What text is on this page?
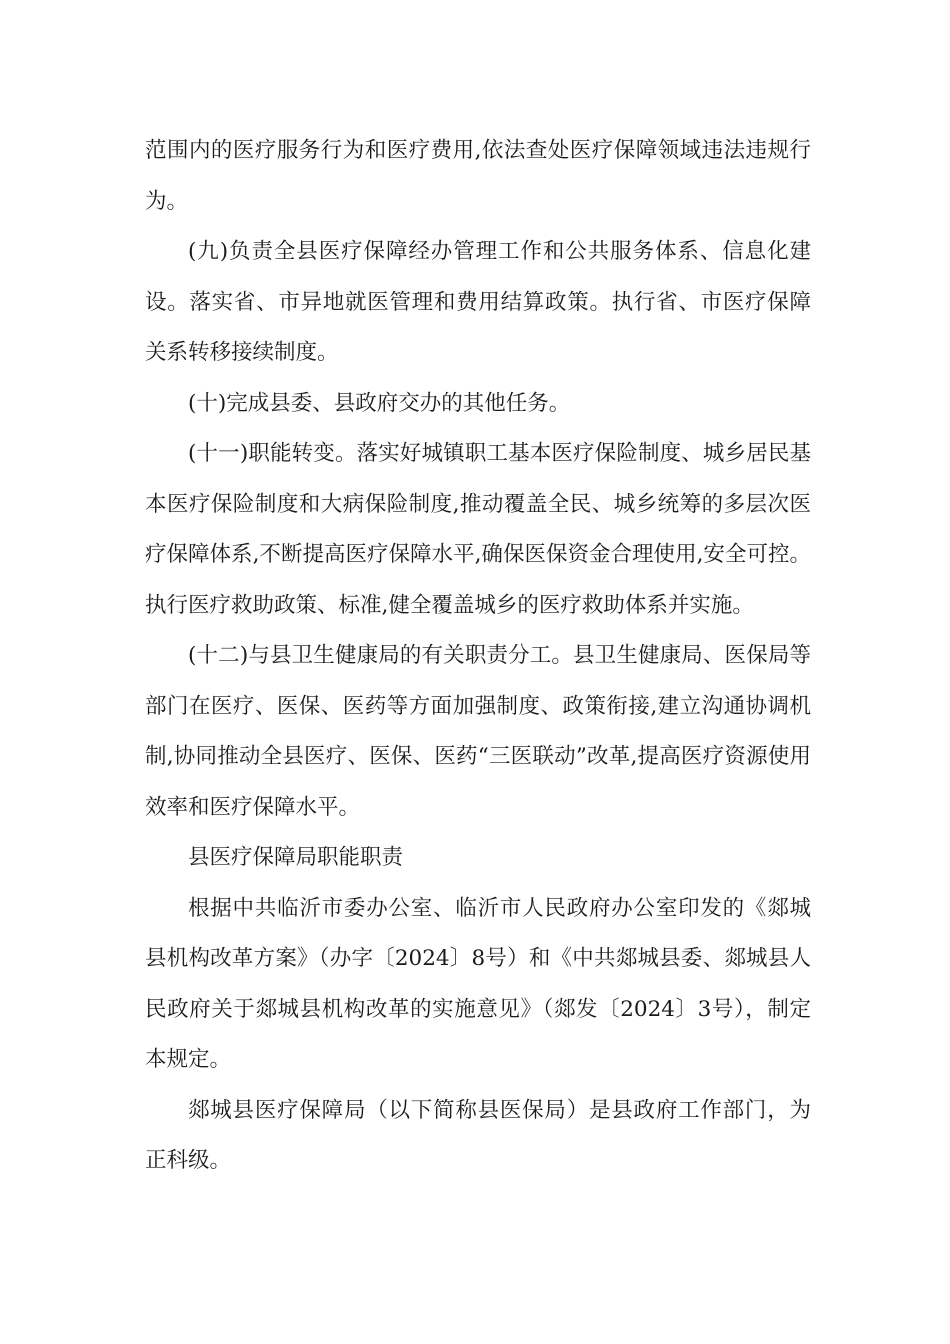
范围内的医疗服务行为和医疗费用,依法查处医疗保障领域违法违规行为。

(九)负责全县医疗保障经办管理工作和公共服务体系、信息化建设。落实省、市异地就医管理和费用结算政策。执行省、市医疗保障关系转移接续制度。

(十)完成县委、县政府交办的其他任务。

(十一)职能转变。落实好城镇职工基本医疗保险制度、城乡居民基本医疗保险制度和大病保险制度,推动覆盖全民、城乡统筹的多层次医疗保障体系,不断提高医疗保障水平,确保医保资金合理使用,安全可控。执行医疗救助政策、标准,健全覆盖城乡的医疗救助体系并实施。

(十二)与县卫生健康局的有关职责分工。县卫生健康局、医保局等部门在医疗、医保、医药等方面加强制度、政策衔接,建立沟通协调机制,协同推动全县医疗、医保、医药“三医联动”改革,提高医疗资源使用效率和医疗保障水平。

县医疗保障局职能职责

根据中共临沂市委办公室、临沂市人民政府办公室印发的《郯城县机构改革方案》（办字〔2024〕8号）和《中共郯城县委、郯城县人民政府关于郯城县机构改革的实施意见》（郯发〔2024〕3号），制定本规定。

郯城县医疗保障局（以下简称县医保局）是县政府工作部门，为正科级。
